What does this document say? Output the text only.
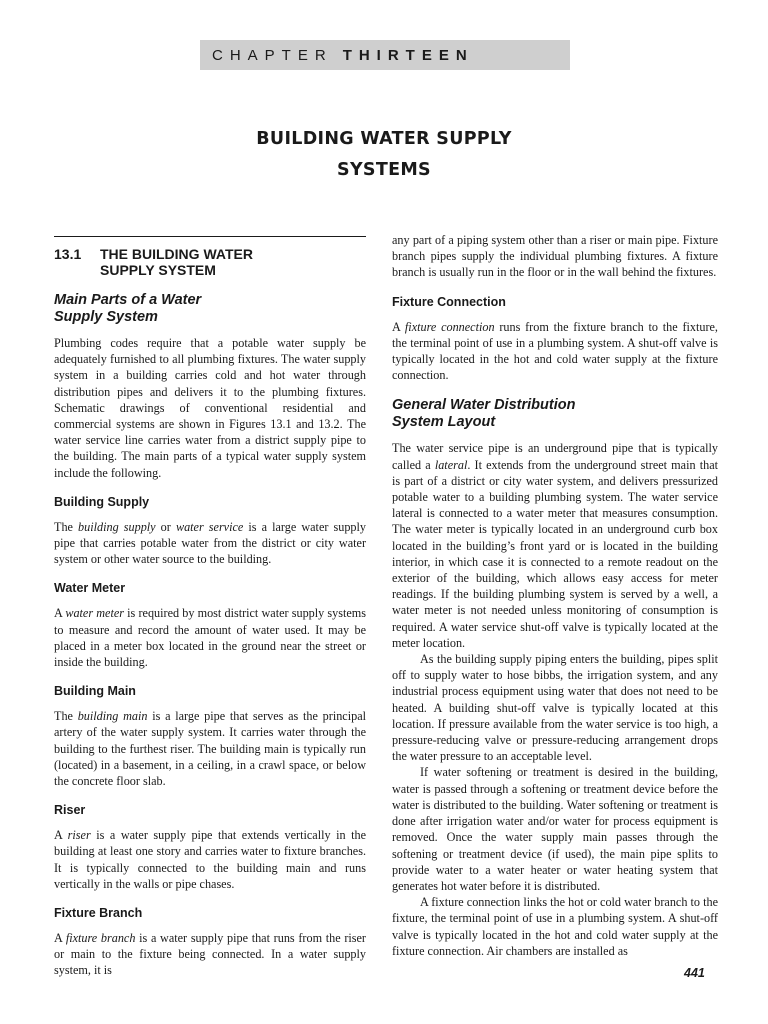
CHAPTER THIRTEEN
BUILDING WATER SUPPLY
SYSTEMS
13.1	THE BUILDING WATER
SUPPLY SYSTEM
Main Parts of a Water
Supply System

Plumbing codes require that a potable water supply be adequately furnished to all plumbing fixtures. The water supply system in a building carries cold and hot water through distribution pipes and delivers it to the plumbing fixtures. Schematic drawings of conventional residential and commercial systems are shown in Figures 13.1 and 13.2. The water service line carries water from a district supply pipe to the building. The main parts of a typical water supply system include the following.

Building Supply

The building supply or water service is a large water supply pipe that carries potable water from the district or city water system or other water source to the building.

Water Meter

A water meter is required by most district water supply systems to measure and record the amount of water used. It may be placed in a meter box located in the ground near the street or inside the building.

Building Main

The building main is a large pipe that serves as the principal artery of the water supply system. It carries water through the building to the furthest riser. The building main is typically run (located) in a basement, in a ceiling, in a crawl space, or below the concrete floor slab.

Riser

A riser is a water supply pipe that extends vertically in the building at least one story and carries water to fixture branches. It is typically connected to the building main and runs vertically in the walls or pipe chases.

Fixture Branch

A fixture branch is a water supply pipe that runs from the riser or main to the fixture being connected. In a water supply system, it is

any part of a piping system other than a riser or main pipe. Fixture branch pipes supply the individual plumbing fixtures. A fixture branch is usually run in the floor or in the wall behind the fixtures.

Fixture Connection

A fixture connection runs from the fixture branch to the fixture, the terminal point of use in a plumbing system. A shut-off valve is typically located in the hot and cold water supply at the fixture connection.

General Water Distribution
System Layout

The water service pipe is an underground pipe that is typically called a lateral. It extends from the underground street main that is part of a district or city water system, and delivers pressurized potable water to a building plumbing system. The water service lateral is connected to a water meter that measures consumption. The water meter is typically located in an underground curb box located in the building’s front yard or is located in the building interior, in which case it is connected to a remote readout on the exterior of the building, which allows easy access for meter readings. If the building plumbing system is served by a well, a water meter is not needed unless monitoring of consumption is required. A water service shut-off valve is typically located at the meter location.

As the building supply piping enters the building, pipes split off to supply water to hose bibbs, the irrigation system, and any industrial process equipment using water that does not need to be heated. A building shut-off valve is typically located at this location. If pressure available from the water service is too high, a pressure-reducing valve or pressure-reducing arrangement drops the water pressure to an acceptable level.

If water softening or treatment is desired in the building, water is passed through a softening or treatment device before the water is distributed to the building. Water softening or treatment is done after irrigation water and/or water for process equipment is removed. Once the water supply main passes through the softening or treatment device (if used), the main pipe splits to provide water to a water heater or water heating system that generates hot water before it is distributed.

A fixture connection links the hot or cold water branch to the fixture, the terminal point of use in a plumbing system. A shut-off valve is typically located in the hot and cold water supply at the fixture connection. Air chambers are installed as

441
